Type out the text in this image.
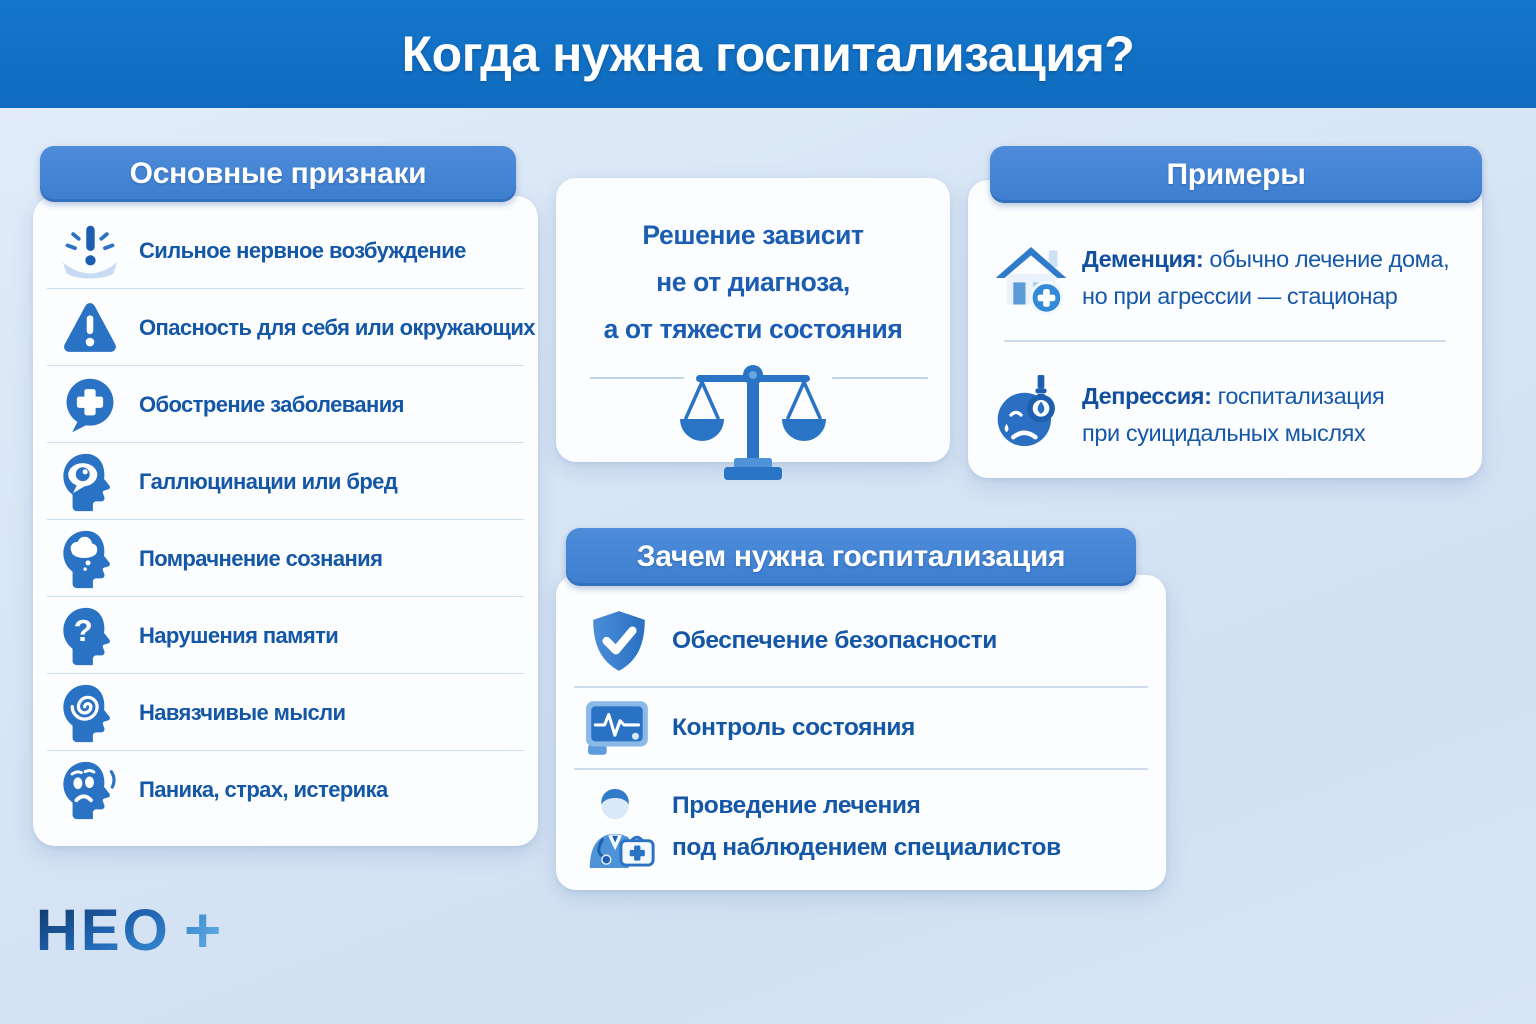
Когда нужна госпитализация?
Основные признаки
Сильное нервное возбуждение
Опасность для себя или окружающих
Обострение заболевания
Галлюцинации или бред
Помрачнение сознания
? Нарушения памяти
Навязчивые мысли
Паника, страх, истерика
Решение зависит
не от диагноза,
а от тяжести состояния
Примеры
Деменция: обычно лечение дома,
но при агрессии — стационар
Депрессия: госпитализация
при суицидальных мыслях
Зачем нужна госпитализация
Обеспечение безопасности
Контроль состояния
Проведение лечения
под наблюдением специалистов
НЕО +
